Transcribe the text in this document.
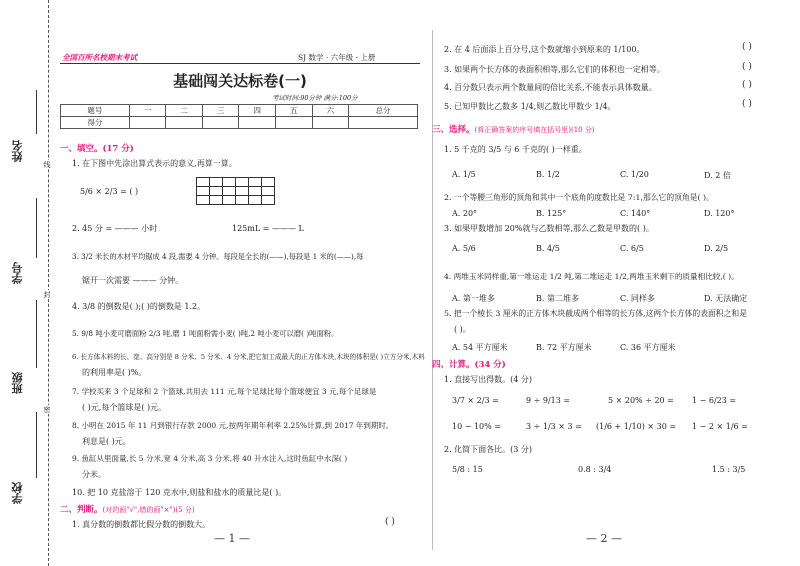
姓名
学号
班级
学校
线
封
密
全国百所名校期末考试	SJ 数学 · 六年级 · 上册
基础闯关达标卷(一)
考试时间:90分钟 满分:100分
题号	一	二	三	四	五	六	总分
得分							
一、填空。(17 分)
1. 在下图中先涂出算式表示的意义,再算一算。
5/6 × 2/3 = ( )

2. 45 分 = ——— 小时	125mL = ——— L
3. 3/2 米长的木材平均锯成 4 段,需要 4 分钟。每段是全长的(——),每段是 1 米的(——),每
锯开一次需要 ——— 分钟。
4. 3/8 的倒数是( );( )的倒数是 1.2。
5. 9/8 吨小麦可磨面粉 2/3 吨,磨 1 吨面粉需小麦( )吨,2 吨小麦可以磨( )吨面粉。
6. 长方体木料的长、宽、高分别是 8 分米、5 分米、4 分米,把它加工成最大的正方体木块,木块的体积是( )立方分米,木料
的利用率是( )%。
7. 学校买来 3 个足球和 2 个篮球,共用去 111 元,每个足球比每个篮球便宜 3 元,每个足球是
( )元,每个篮球是( )元。
8. 小明在 2015 年 11 月到银行存款 2000 元,按两年期年利率 2.25%计算,到 2017 年到期时,
利息是( )元。
9. 鱼缸从里面量,长 5 分米,宽 4 分米,高 3 分米,将 40 升水注入,这时鱼缸中水深( )
分米。
10. 把 10 克盐溶于 120 克水中,则盐和盐水的质量比是( )。
二、判断。(对的画"√",错的画"×")(5 分)
1. 真分数的倒数都比假分数的倒数大。	( )
— 1 —
2. 在 4 后面添上百分号,这个数就缩小到原来的 1/100。	( )
3. 如果两个长方体的表面积相等,那么它们的体积也一定相等。	( )
4. 百分数只表示两个数量间的倍比关系,不能表示具体数量。	( )
5. 已知甲数比乙数多 1/4,则乙数比甲数少 1/4。	( )
三、选择。(将正确答案的序号填在括号里)(10 分)
1. 5 千克的 3/5 与 6 千克的( )一样重。
A. 1/5	B. 1/2	C. 1/20	D. 2 倍
2. 一个等腰三角形的顶角和其中一个底角的度数比是 7:1,那么它的顶角是( )。
A. 20°	B. 125°	C. 140°	D. 120°
3. 如果甲数增加 20%就与乙数相等,那么乙数是甲数的( )。
A. 5/6	B. 4/5	C. 6/5	D. 2/5
4. 两堆玉米同样重,第一堆运走 1/2 吨,第二堆运走 1/2,两堆玉米剩下的质量相比较,( )。
A. 第一堆多	B. 第二堆多	C. 同样多	D. 无法确定
5. 把一个棱长 3 厘米的正方体木块截成两个相等的长方体,这两个长方体的表面积之和是
( )。
A. 54 平方厘米	B. 72 平方厘米	C. 36 平方厘米
四、计算。(34 分)
1. 直接写出得数。(4 分)
3/7 × 2/3 =	9 ÷ 9/13 =	5 × 20% ÷ 20 = 1 − 6/23 =
10 − 10% =	3 ÷ 1/3 × 3 = (1/6 + 1/10) × 30 = 1 − 2 × 1/6 =
2. 化简下面各比。(3 分)
5/8 : 15	0.8 : 3/4	1.5 : 3/5
— 2 —
